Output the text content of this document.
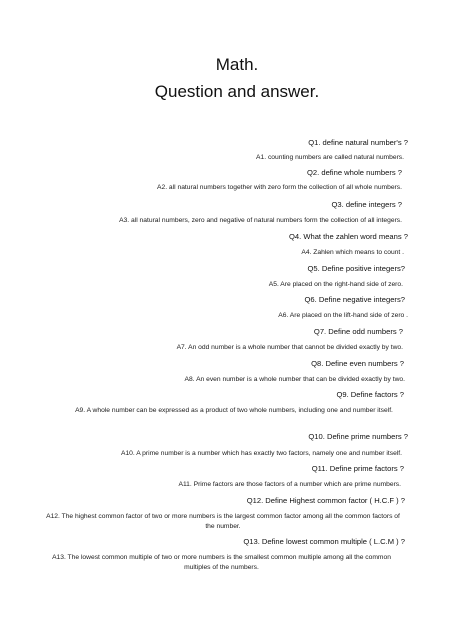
Math.
Question and answer.
Q1. define natural number's ?
A1. counting numbers are called natural numbers.
Q2. define whole numbers ?
A2. all natural numbers together with zero form the collection of all whole numbers.
Q3. define integers ?
A3. all natural numbers, zero and negative of natural numbers form the collection of all integers.
Q4. What the zahlen word means ?
A4. Zahlen which means to count .
Q5. Define positive integers?
A5. Are placed on the right-hand side of zero.
Q6. Define negative integers?
A6. Are placed on the lift-hand side of zero .
Q7. Define odd numbers ?
A7. An odd number is a whole number that cannot be divided exactly by two.
Q8. Define even numbers ?
A8. An even number is a whole number that can be divided exactly by two.
Q9. Define factors ?
A9. A whole number can be expressed as a product of two whole numbers, including one and number itself.
Q10. Define prime numbers ?
A10. A prime number is a number which has exactly two factors, namely one and number itself.
Q11. Define prime factors ?
A11. Prime factors are those factors of a number which are prime numbers.
Q12. Define Highest common factor ( H.C.F ) ?
A12. The highest common factor of two or more numbers is the largest common factor among all the common factors of the number.
Q13. Define lowest common multiple ( L.C.M ) ?
A13. The lowest common multiple of two or more numbers is the smallest common multiple among all the common multiples of the numbers.
